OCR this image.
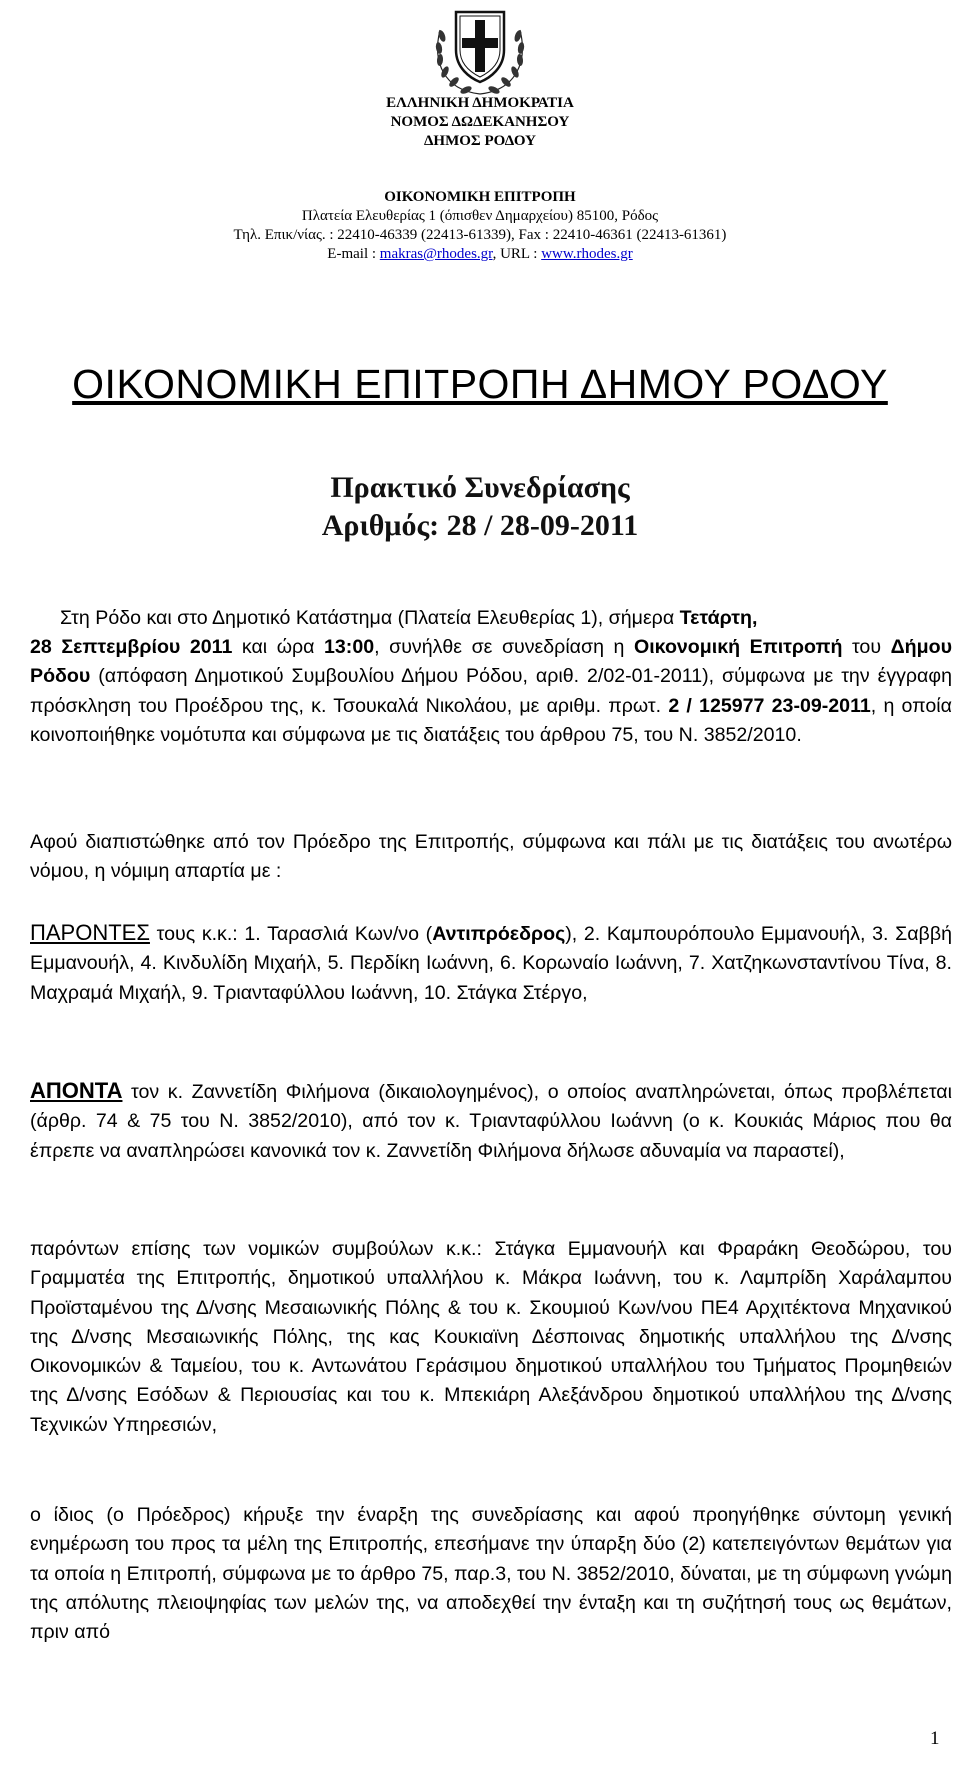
ΕΛΛΗΝΙΚΗ ΔΗΜΟΚΡΑΤΙΑ
ΝΟΜΟΣ ΔΩΔΕΚΑΝΗΣΟΥ
ΔΗΜΟΣ ΡΟΔΟΥ
ΟΙΚΟΝΟΜΙΚΗ ΕΠΙΤΡΟΠΗ
Πλατεία Ελευθερίας 1 (όπισθεν Δημαρχείου) 85100, Ρόδος
Τηλ. Επικ/νίας. : 22410-46339 (22413-61339), Fax : 22410-46361 (22413-61361)
E-mail : makras@rhodes.gr, URL : www.rhodes.gr
ΟΙΚΟΝΟΜΙΚΗ ΕΠΙΤΡΟΠΗ ΔΗΜΟΥ ΡΟΔΟΥ
Πρακτικό Συνεδρίασης
Αριθμός: 28 / 28-09-2011
Στη Ρόδο και στο Δημοτικό Κατάστημα (Πλατεία Ελευθερίας 1), σήμερα Τετάρτη,
28 Σεπτεμβρίου 2011 και ώρα 13:00, συνήλθε σε συνεδρίαση η Οικονομική Επιτροπή του Δήμου Ρόδου (απόφαση Δημοτικού Συμβουλίου Δήμου Ρόδου, αριθ. 2/02-01-2011), σύμφωνα με την έγγραφη πρόσκληση του Προέδρου της, κ. Τσουκαλά Νικολάου, με αριθμ. πρωτ. 2 / 125977 23-09-2011, η οποία κοινοποιήθηκε νομότυπα και σύμφωνα με τις διατάξεις του άρθρου 75, του Ν. 3852/2010.
Αφού διαπιστώθηκε από τον Πρόεδρο της Επιτροπής, σύμφωνα και πάλι με τις διατάξεις του ανωτέρω νόμου, η νόμιμη απαρτία με :
ΠΑΡΟΝΤΕΣ τους κ.κ.: 1. Ταρασλιά Κων/νο (Αντιπρόεδρος), 2. Καμπουρόπουλο Εμμανουήλ, 3. Σαββή Εμμανουήλ, 4. Κινδυλίδη Μιχαήλ, 5. Περδίκη Ιωάννη, 6. Κορωναίο Ιωάννη, 7. Χατζηκωνσταντίνου Τίνα, 8. Μαχραμά Μιχαήλ, 9. Τριανταφύλλου Ιωάννη, 10. Στάγκα Στέργο,
ΑΠΟΝΤΑ τον κ. Ζαννετίδη Φιλήμονα (δικαιολογημένος), ο οποίος αναπληρώνεται, όπως προβλέπεται (άρθρ. 74 & 75 του Ν. 3852/2010), από τον κ. Τριανταφύλλου Ιωάννη (ο κ. Κουκιάς Μάριος που θα έπρεπε να αναπληρώσει κανονικά τον κ. Ζαννετίδη Φιλήμονα δήλωσε αδυναμία να παραστεί),
παρόντων επίσης των νομικών συμβούλων κ.κ.: Στάγκα Εμμανουήλ και Φραράκη Θεοδώρου, του Γραμματέα της Επιτροπής, δημοτικού υπαλλήλου κ. Μάκρα Ιωάννη, του κ. Λαμπρίδη Χαράλαμπου Προϊσταμένου της Δ/νσης Μεσαιωνικής Πόλης & του κ. Σκουμιού Κων/νου ΠΕ4 Αρχιτέκτονα Μηχανικού της Δ/νσης Μεσαιωνικής Πόλης, της κας Κουκιαϊνη Δέσποινας δημοτικής υπαλλήλου της Δ/νσης Οικονομικών & Ταμείου, του κ. Αντωνάτου Γεράσιμου δημοτικού υπαλλήλου του Τμήματος Προμηθειών της Δ/νσης Εσόδων & Περιουσίας και του κ. Μπεκιάρη Αλεξάνδρου δημοτικού υπαλλήλου της Δ/νσης Τεχνικών Υπηρεσιών,
ο ίδιος (ο Πρόεδρος) κήρυξε την έναρξη της συνεδρίασης και αφού προηγήθηκε σύντομη γενική ενημέρωση του προς τα μέλη της Επιτροπής, επεσήμανε την ύπαρξη δύο (2) κατεπειγόντων θεμάτων για τα οποία η Επιτροπή, σύμφωνα με το άρθρο 75, παρ.3, του Ν. 3852/2010, δύναται, με τη σύμφωνη γνώμη της απόλυτης πλειοψηφίας των μελών της, να αποδεχθεί την ένταξη και τη συζήτησή τους ως θεμάτων, πριν από
1
